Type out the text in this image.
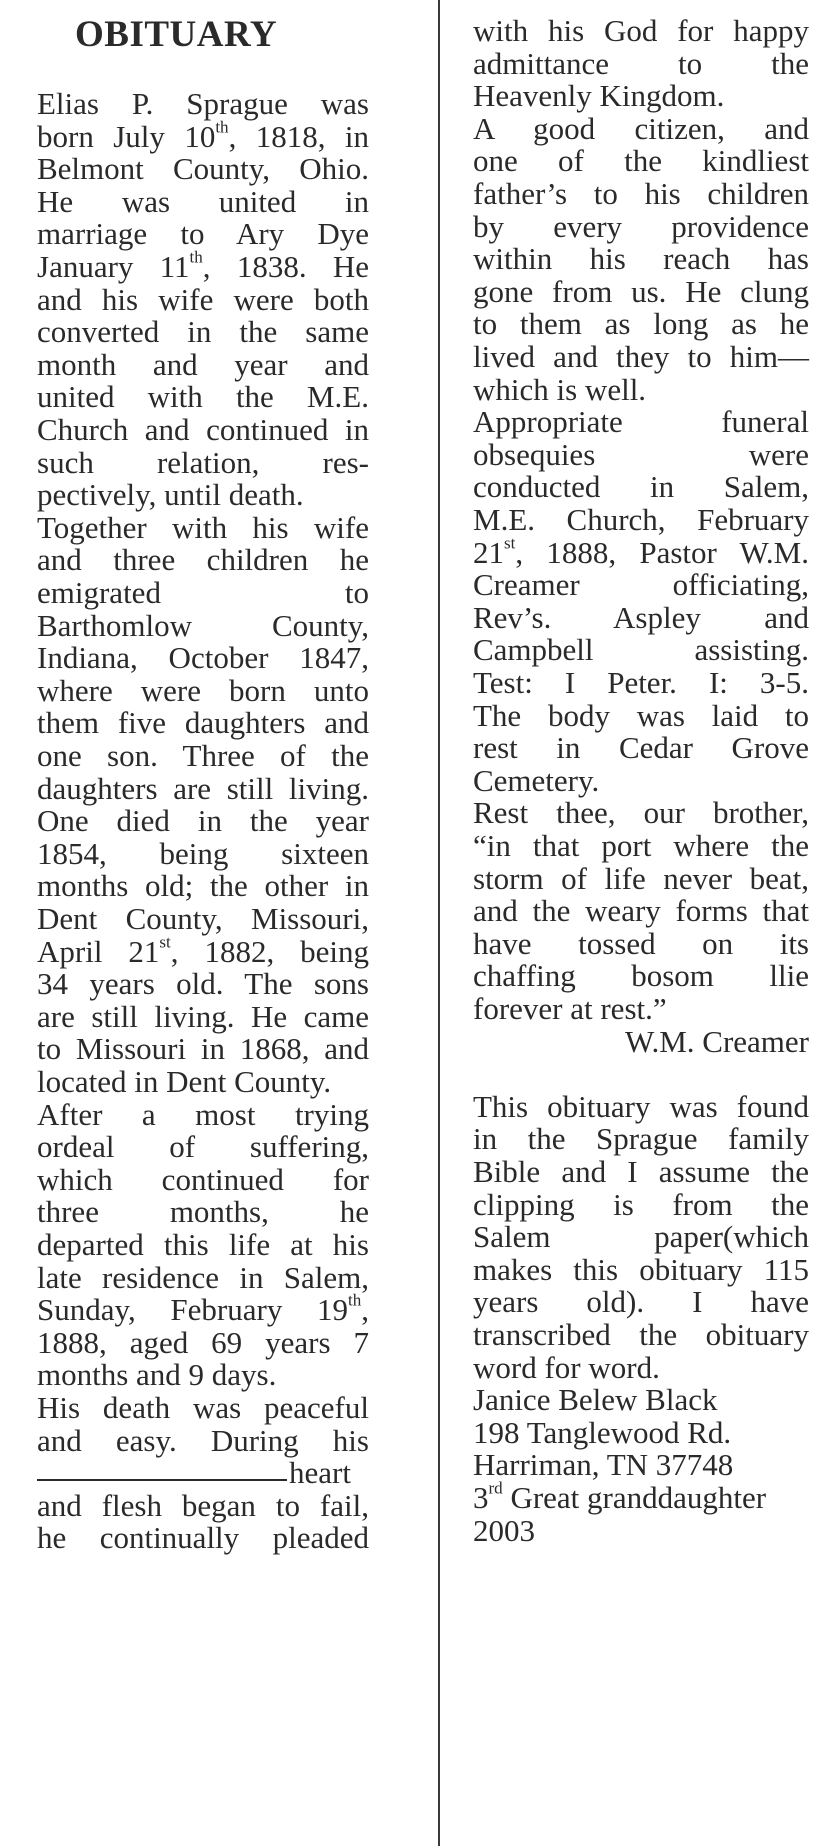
OBITUARY
Elias P. Sprague was
born July 10th, 1818, in
Belmont County, Ohio.
He was united in
marriage to Ary Dye
January 11th, 1838. He
and his wife were both
converted in the same
month and year and
united with the M.E.
Church and continued in
such relation, res-
pectively, until death.
Together with his wife
and three children he
emigrated to
Barthomlow County,
Indiana, October 1847,
where were born unto
them five daughters and
one son. Three of the
daughters are still living.
One died in the year
1854, being sixteen
months old; the other in
Dent County, Missouri,
April 21st, 1882, being
34 years old. The sons
are still living. He came
to Missouri in 1868, and
located in Dent County.
After a most trying
ordeal of suffering,
which continued for
three months, he
departed this life at his
late residence in Salem,
Sunday, February 19th,
1888, aged 69 years 7
months and 9 days.
His death was peaceful
and easy. During his
heart
and flesh began to fail,
he continually pleaded
with his God for happy
admittance to the
Heavenly Kingdom.
A good citizen, and
one of the kindliest
father’s to his children
by every providence
within his reach has
gone from us. He clung
to them as long as he
lived and they to him—
which is well.
Appropriate funeral
obsequies were
conducted in Salem,
M.E. Church, February
21st, 1888, Pastor W.M.
Creamer officiating,
Rev’s. Aspley and
Campbell assisting.
Test: I Peter. I: 3-5.
The body was laid to
rest in Cedar Grove
Cemetery.
Rest thee, our brother,
“in that port where the
storm of life never beat,
and the weary forms that
have tossed on its
chaffing bosom llie
forever at rest.”
W.M. Creamer
This obituary was found
in the Sprague family
Bible and I assume the
clipping is from the
Salem paper(which
makes this obituary 115
years old). I have
transcribed the obituary
word for word.
Janice Belew Black
198 Tanglewood Rd.
Harriman, TN 37748
3rd Great granddaughter
2003
